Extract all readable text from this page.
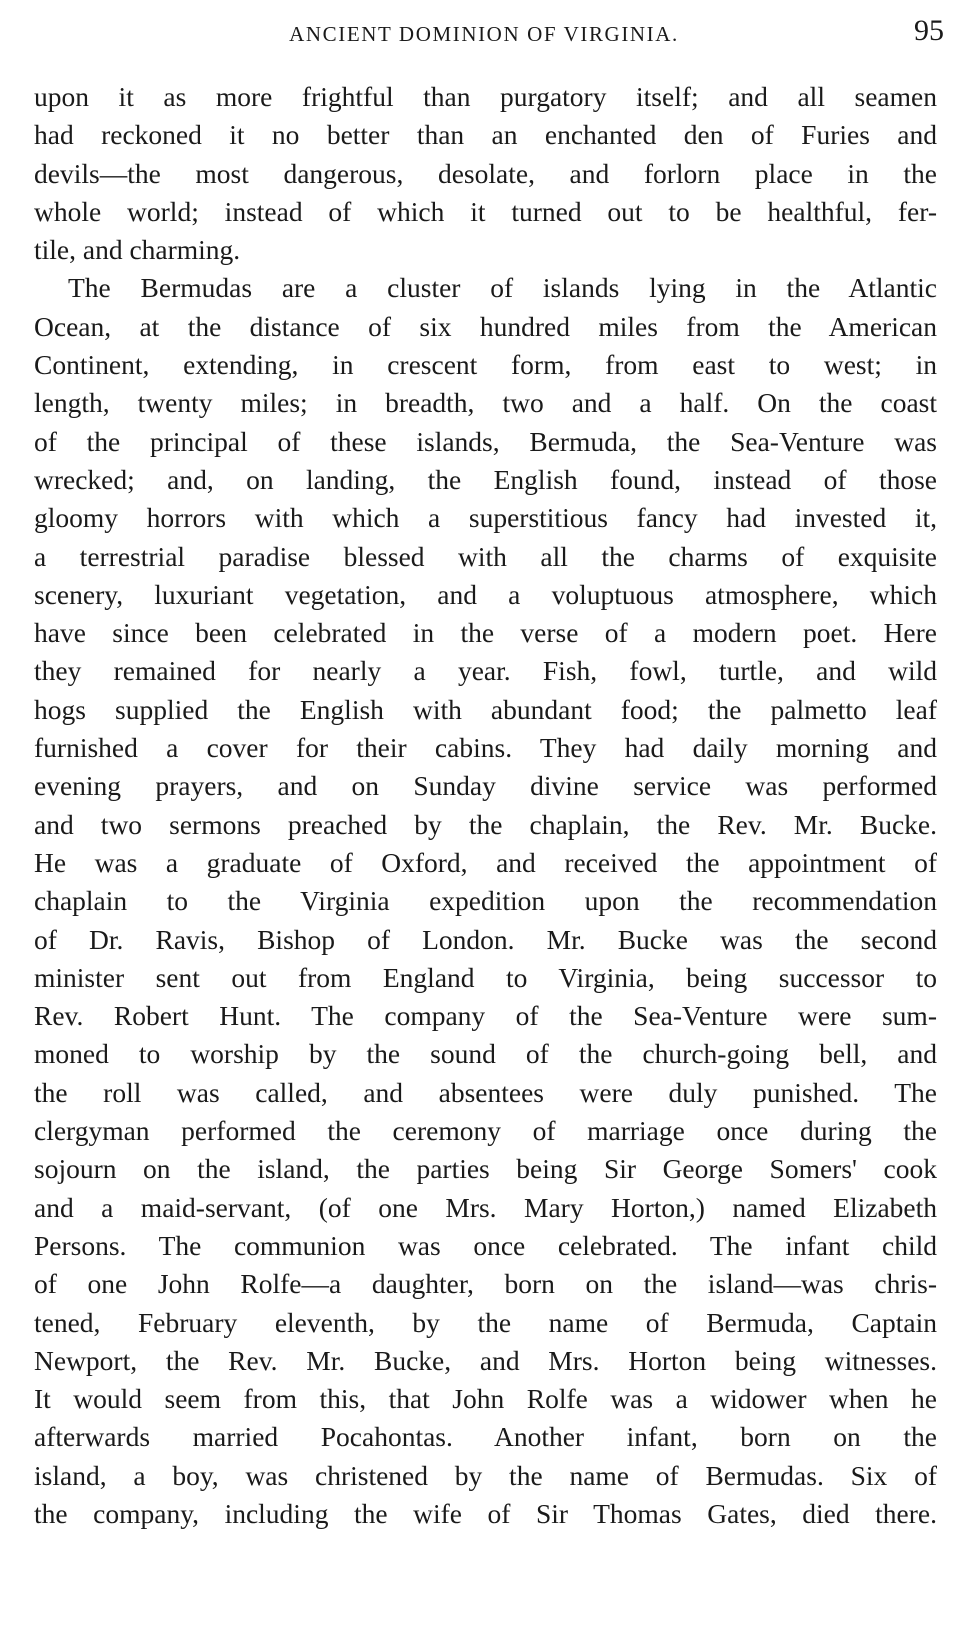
ANCIENT DOMINION OF VIRGINIA.	95
upon it as more frightful than purgatory itself; and all seamen
had reckoned it no better than an enchanted den of Furies and
devils—the most dangerous, desolate, and forlorn place in the
whole world; instead of which it turned out to be healthful, fer-
tile, and charming.
The Bermudas are a cluster of islands lying in the Atlantic
Ocean, at the distance of six hundred miles from the American
Continent, extending, in crescent form, from east to west; in
length, twenty miles; in breadth, two and a half. On the coast
of the principal of these islands, Bermuda, the Sea-Venture was
wrecked; and, on landing, the English found, instead of those
gloomy horrors with which a superstitious fancy had invested it,
a terrestrial paradise blessed with all the charms of exquisite
scenery, luxuriant vegetation, and a voluptuous atmosphere, which
have since been celebrated in the verse of a modern poet. Here
they remained for nearly a year. Fish, fowl, turtle, and wild
hogs supplied the English with abundant food; the palmetto leaf
furnished a cover for their cabins. They had daily morning and
evening prayers, and on Sunday divine service was performed
and two sermons preached by the chaplain, the Rev. Mr. Bucke.
He was a graduate of Oxford, and received the appointment of
chaplain to the Virginia expedition upon the recommendation
of Dr. Ravis, Bishop of London. Mr. Bucke was the second
minister sent out from England to Virginia, being successor to
Rev. Robert Hunt. The company of the Sea-Venture were sum-
moned to worship by the sound of the church-going bell, and
the roll was called, and absentees were duly punished. The
clergyman performed the ceremony of marriage once during the
sojourn on the island, the parties being Sir George Somers' cook
and a maid-servant, (of one Mrs. Mary Horton,) named Elizabeth
Persons. The communion was once celebrated. The infant child
of one John Rolfe—a daughter, born on the island—was chris-
tened, February eleventh, by the name of Bermuda, Captain
Newport, the Rev. Mr. Bucke, and Mrs. Horton being witnesses.
It would seem from this, that John Rolfe was a widower when he
afterwards married Pocahontas. Another infant, born on the
island, a boy, was christened by the name of Bermudas. Six of
the company, including the wife of Sir Thomas Gates, died there.
